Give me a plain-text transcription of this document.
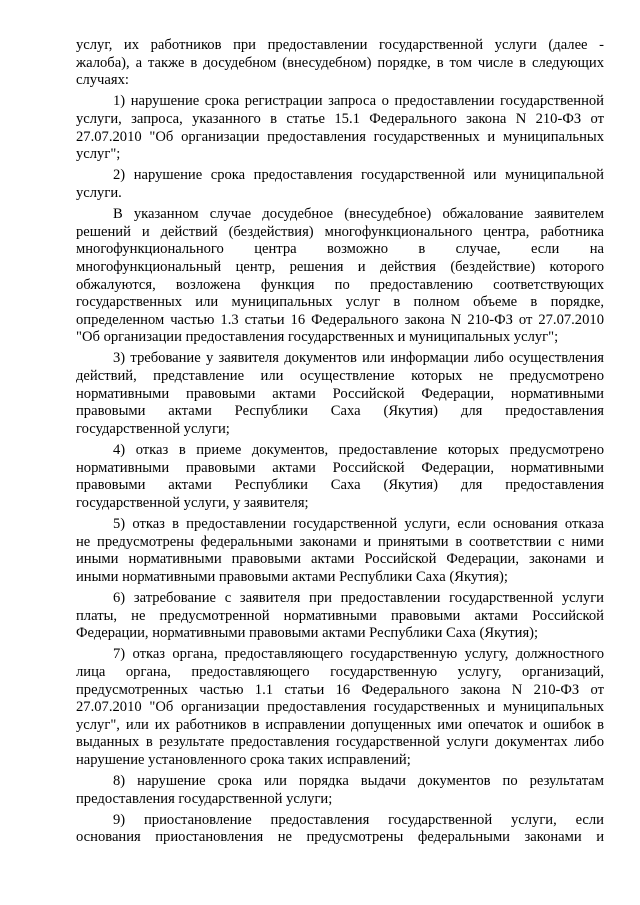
услуг, их работников при предоставлении государственной услуги (далее -
жалоба), а также в досудебном (внесудебном) порядке, в том числе в следующих
случаях:
1) нарушение срока регистрации запроса о предоставлении государственной
услуги, запроса, указанного в статье 15.1 Федерального закона N 210-ФЗ от
27.07.2010 "Об организации предоставления государственных и муниципальных
услуг";
2) нарушение срока предоставления государственной или муниципальной
услуги.
В указанном случае досудебное (внесудебное) обжалование заявителем
решений и действий (бездействия) многофункционального центра, работника
многофункционального центра возможно в случае, если на
многофункциональный центр, решения и действия (бездействие) которого
обжалуются, возложена функция по предоставлению соответствующих
государственных или муниципальных услуг в полном объеме в порядке,
определенном частью 1.3 статьи 16 Федерального закона N 210-ФЗ от 27.07.2010
"Об организации предоставления государственных и муниципальных услуг";
3) требование у заявителя документов или информации либо осуществления
действий, представление или осуществление которых не предусмотрено
нормативными правовыми актами Российской Федерации, нормативными
правовыми актами Республики Саха (Якутия) для предоставления
государственной услуги;
4) отказ в приеме документов, предоставление которых предусмотрено
нормативными правовыми актами Российской Федерации, нормативными
правовыми актами Республики Саха (Якутия) для предоставления
государственной услуги, у заявителя;
5) отказ в предоставлении государственной услуги, если основания отказа
не предусмотрены федеральными законами и принятыми в соответствии с ними
иными нормативными правовыми актами Российской Федерации, законами и
иными нормативными правовыми актами Республики Саха (Якутия);
6) затребование с заявителя при предоставлении государственной услуги
платы, не предусмотренной нормативными правовыми актами Российской
Федерации, нормативными правовыми актами Республики Саха (Якутия);
7) отказ органа, предоставляющего государственную услугу, должностного
лица органа, предоставляющего государственную услугу, организаций,
предусмотренных частью 1.1 статьи 16 Федерального закона N 210-ФЗ от
27.07.2010 "Об организации предоставления государственных и муниципальных
услуг", или их работников в исправлении допущенных ими опечаток и ошибок в
выданных в результате предоставления государственной услуги документах либо
нарушение установленного срока таких исправлений;
8) нарушение срока или порядка выдачи документов по результатам
предоставления государственной услуги;
9) приостановление предоставления государственной услуги, если
основания приостановления не предусмотрены федеральными законами и
